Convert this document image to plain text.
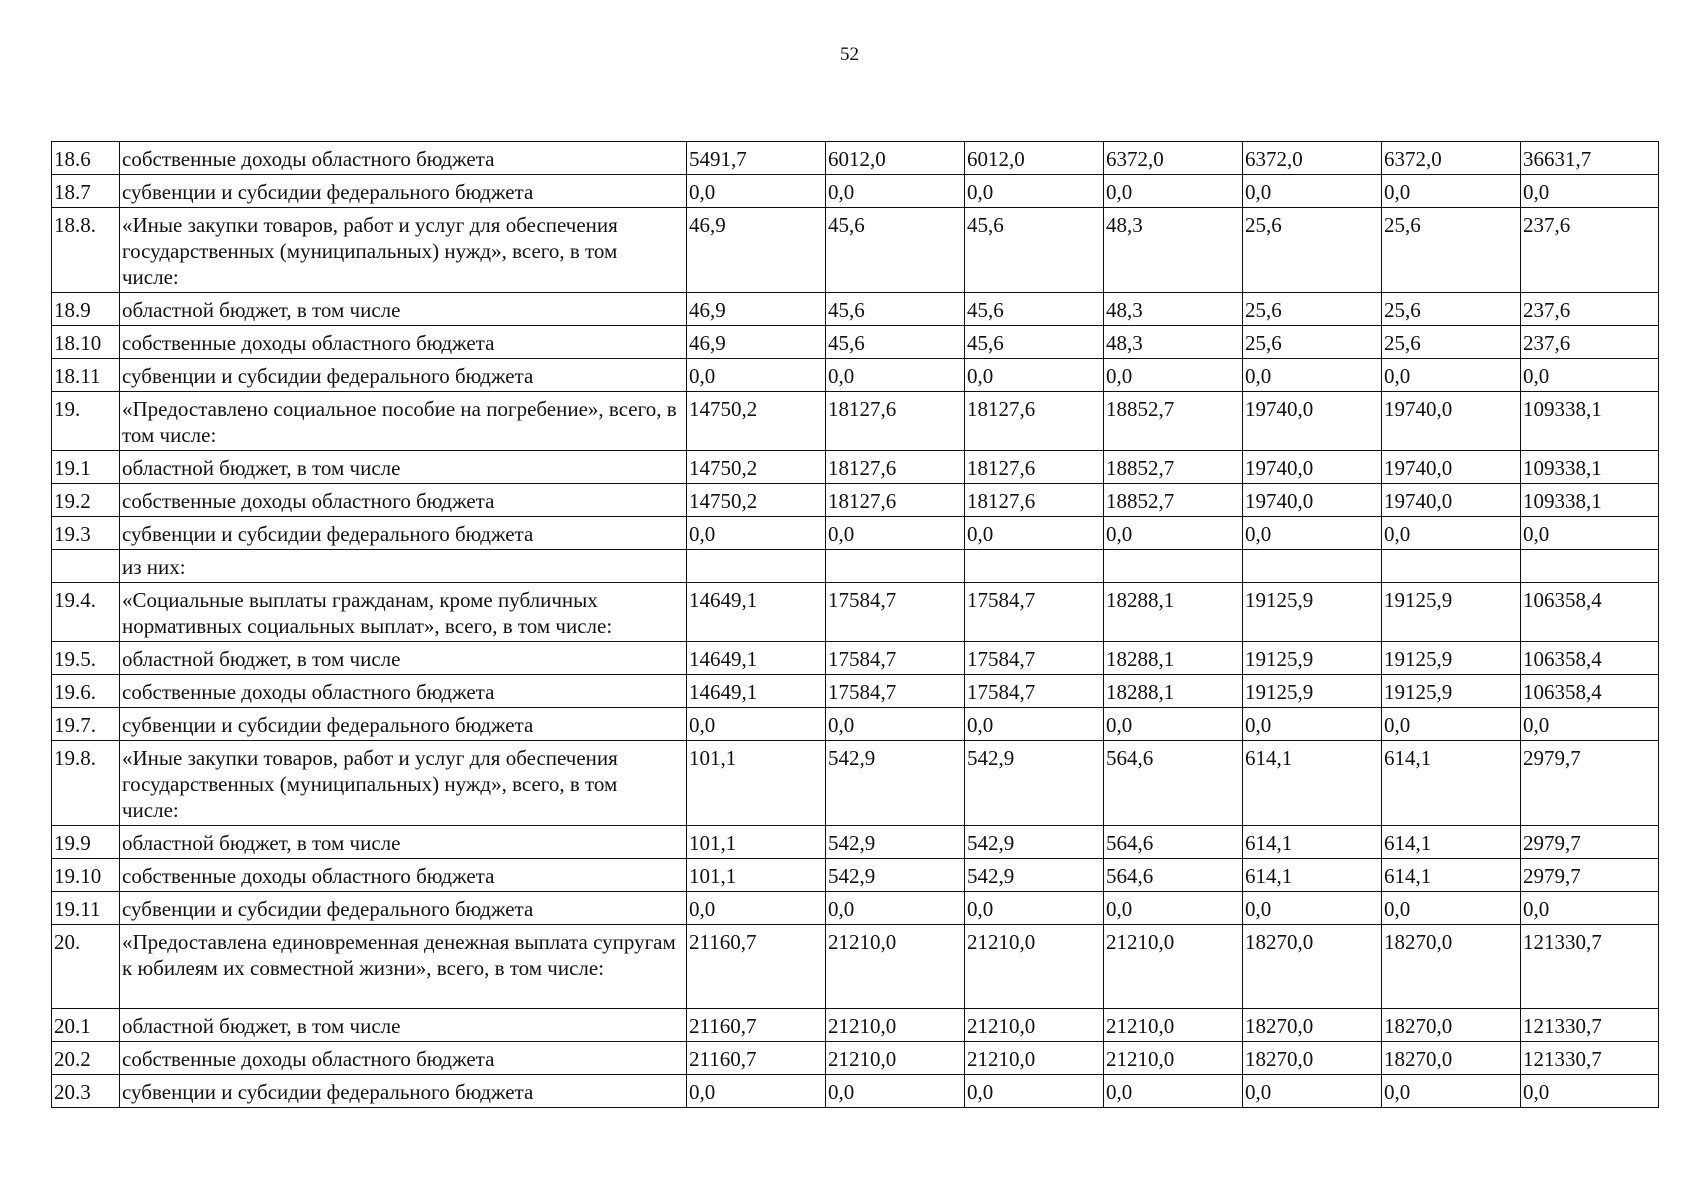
52
18.6	собственные доходы областного бюджета	5491,7	6012,0	6012,0	6372,0	6372,0	6372,0	36631,7
18.7	субвенции и субсидии федерального бюджета	0,0	0,0	0,0	0,0	0,0	0,0	0,0
18.8.	«Иные закупки товаров, работ и услуг для обеспечения государственных (муниципальных) нужд», всего, в том числе:	46,9	45,6	45,6	48,3	25,6	25,6	237,6
18.9	областной бюджет, в том числе	46,9	45,6	45,6	48,3	25,6	25,6	237,6
18.10	собственные доходы областного бюджета	46,9	45,6	45,6	48,3	25,6	25,6	237,6
18.11	субвенции и субсидии федерального бюджета	0,0	0,0	0,0	0,0	0,0	0,0	0,0
19.	«Предоставлено социальное пособие на погребение», всего, в том числе:	14750,2	18127,6	18127,6	18852,7	19740,0	19740,0	109338,1
19.1	областной бюджет, в том числе	14750,2	18127,6	18127,6	18852,7	19740,0	19740,0	109338,1
19.2	собственные доходы областного бюджета	14750,2	18127,6	18127,6	18852,7	19740,0	19740,0	109338,1
19.3	субвенции и субсидии федерального бюджета	0,0	0,0	0,0	0,0	0,0	0,0	0,0
	из них:							
19.4.	«Социальные выплаты гражданам, кроме публичных нормативных социальных выплат», всего, в том числе:	14649,1	17584,7	17584,7	18288,1	19125,9	19125,9	106358,4
19.5.	областной бюджет, в том числе	14649,1	17584,7	17584,7	18288,1	19125,9	19125,9	106358,4
19.6.	собственные доходы областного бюджета	14649,1	17584,7	17584,7	18288,1	19125,9	19125,9	106358,4
19.7.	субвенции и субсидии федерального бюджета	0,0	0,0	0,0	0,0	0,0	0,0	0,0
19.8.	«Иные закупки товаров, работ и услуг для обеспечения государственных (муниципальных) нужд», всего, в том числе:	101,1	542,9	542,9	564,6	614,1	614,1	2979,7
19.9	областной бюджет, в том числе	101,1	542,9	542,9	564,6	614,1	614,1	2979,7
19.10	собственные доходы областного бюджета	101,1	542,9	542,9	564,6	614,1	614,1	2979,7
19.11	субвенции и субсидии федерального бюджета	0,0	0,0	0,0	0,0	0,0	0,0	0,0
20.	«Предоставлена единовременная денежная выплата супругам к юбилеям их совместной жизни», всего, в том числе:	21160,7	21210,0	21210,0	21210,0	18270,0	18270,0	121330,7
20.1	областной бюджет, в том числе	21160,7	21210,0	21210,0	21210,0	18270,0	18270,0	121330,7
20.2	собственные доходы областного бюджета	21160,7	21210,0	21210,0	21210,0	18270,0	18270,0	121330,7
20.3	субвенции и субсидии федерального бюджета	0,0	0,0	0,0	0,0	0,0	0,0	0,0
